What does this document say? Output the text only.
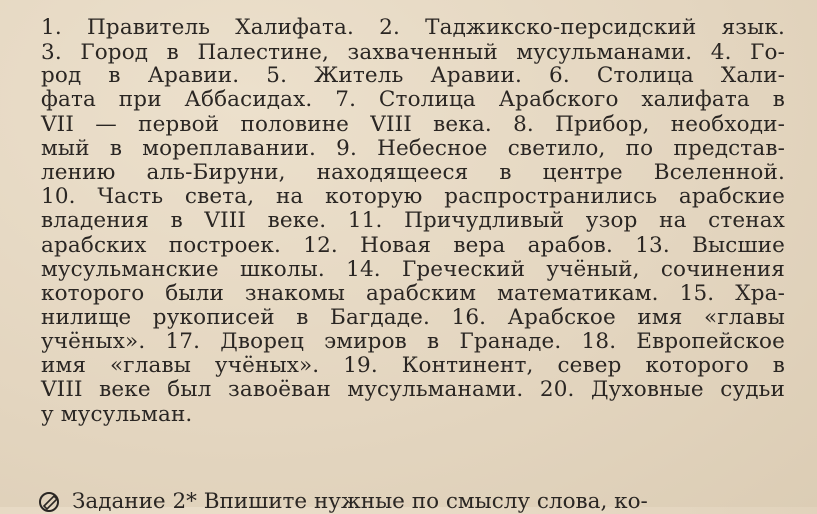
1. Правитель Халифата. 2. Таджикско-персидский язык.
3. Город в Палестине, захваченный мусульманами. 4. Го-
род в Аравии. 5. Житель Аравии. 6. Столица Хали-
фата при Аббасидах. 7. Столица Арабского халифата в
VII — первой половине VIII века. 8. Прибор, необходи-
мый в мореплавании. 9. Небесное светило, по представ-
лению аль-Бируни, находящееся в центре Вселенной.
10. Часть света, на которую распространились арабские
владения в VIII веке. 11. Причудливый узор на стенах
арабских построек. 12. Новая вера арабов. 13. Высшие
мусульманские школы. 14. Греческий учёный, сочинения
которого были знакомы арабским математикам. 15. Хра-
нилище рукописей в Багдаде. 16. Арабское имя «главы
учёных». 17. Дворец эмиров в Гранаде. 18. Европейское
имя «главы учёных». 19. Континент, север которого в
VIII веке был завоёван мусульманами. 20. Духовные судьи
у мусульман.
Задание 2* Впишите нужные по смыслу слова, ко-
